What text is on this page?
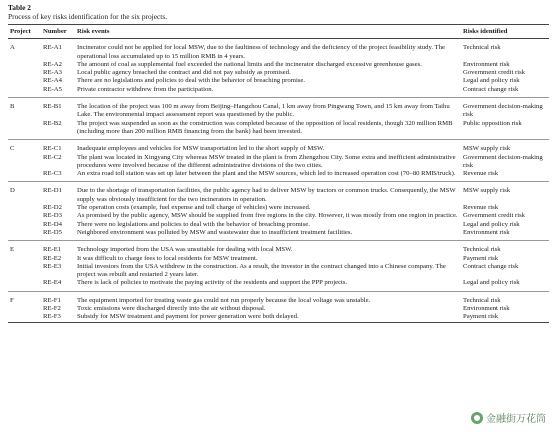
Table 2
Process of key risks identification for the six projects.
Project	Number	Risk events	Risks identified
A	RE-A1	Incinerator could not be applied for local MSW, due to the faultiness of technology and the deficiency of the project feasibility study. The operational loss accumulated up to 15 million RMB in 4 years.	Technical risk
	RE-A2	The amount of coal as supplemental fuel exceeded the national limits and the incinerator discharged excessive greenhouse gases.	Environment risk
	RE-A3	Local public agency breached the contract and did not pay subsidy as promised.	Government credit risk
	RE-A4	There are no legislations and policies to deal with the behavior of breaching promise.	Legal and policy risk
	RE-A5	Private contractor withdrew from the participation.	Contract change risk
B	RE-B1	The location of the project was 100 m away from Beijing–Hangzhou Canal, 1 km away from Pingwang Town, and 15 km away from Taihu Lake. The environmental impact assessment report was questioned by the public.	Government decision-making risk
	RE-B2	The project was suspended as soon as the construction was completed because of the opposition of local residents, though 320 million RMB (including more than 200 million RMB financing from the bank) had been invested.	Public opposition risk
C	RE-C1	Inadequate employees and vehicles for MSW transportation led to the short supply of MSW.	MSW supply risk
	RE-C2	The plant was located in Xingyang City whereas MSW treated in the plant is from Zhengzhou City. Some extra and inefficient administrative procedures were involved because of the different administrative divisions of the two cities.	Government decision-making risk
	RE-C3	An extra road toll station was set up later between the plant and the MSW sources, which led to increased operation cost (70–80 RMB/truck).	Revenue risk
D	RE-D1	Due to the shortage of transportation facilities, the public agency had to deliver MSW by tractors or common trucks. Consequently, the MSW supply was obviously insufficient for the two incinerators in operation.	MSW supply risk
	RE-D2	The operation costs (example, fuel expense and toll charge of vehicles) were increased.	Revenue risk
	RE-D3	As promised by the public agency, MSW should be supplied from five regions in the city. However, it was mostly from one region in practice.	Government credit risk
	RE-D4	There were no legislations and policies to deal with the behavior of breaching promise.	Legal and policy risk
	RE-D5	Neighbored environment was polluted by MSW and wastewater due to insufficient treatment facilities.	Environment risk
E	RE-E1	Technology imported from the USA was unsuitable for dealing with local MSW.	Technical risk
	RE-E2	It was difficult to charge fees to local residents for MSW treatment.	Payment risk
	RE-E3	Initial investors from the USA withdrew in the construction. As a result, the investor in the contract changed into a Chinese company. The project was rebuilt and restarted 2 years later.	Contract change risk
	RE-E4	There is lack of policies to motivate the paying activity of the residents and support the PPP projects.	Legal and policy risk
F	RE-F1	The equipment imported for treating waste gas could not run properly because the local voltage was unstable.	Technical risk
	RE-F2	Toxic emissions were discharged directly into the air without disposal.	Environment risk
	RE-F3	Subsidy for MSW treatment and payment for power generation were both delayed.	Payment risk
金融街万花筒
